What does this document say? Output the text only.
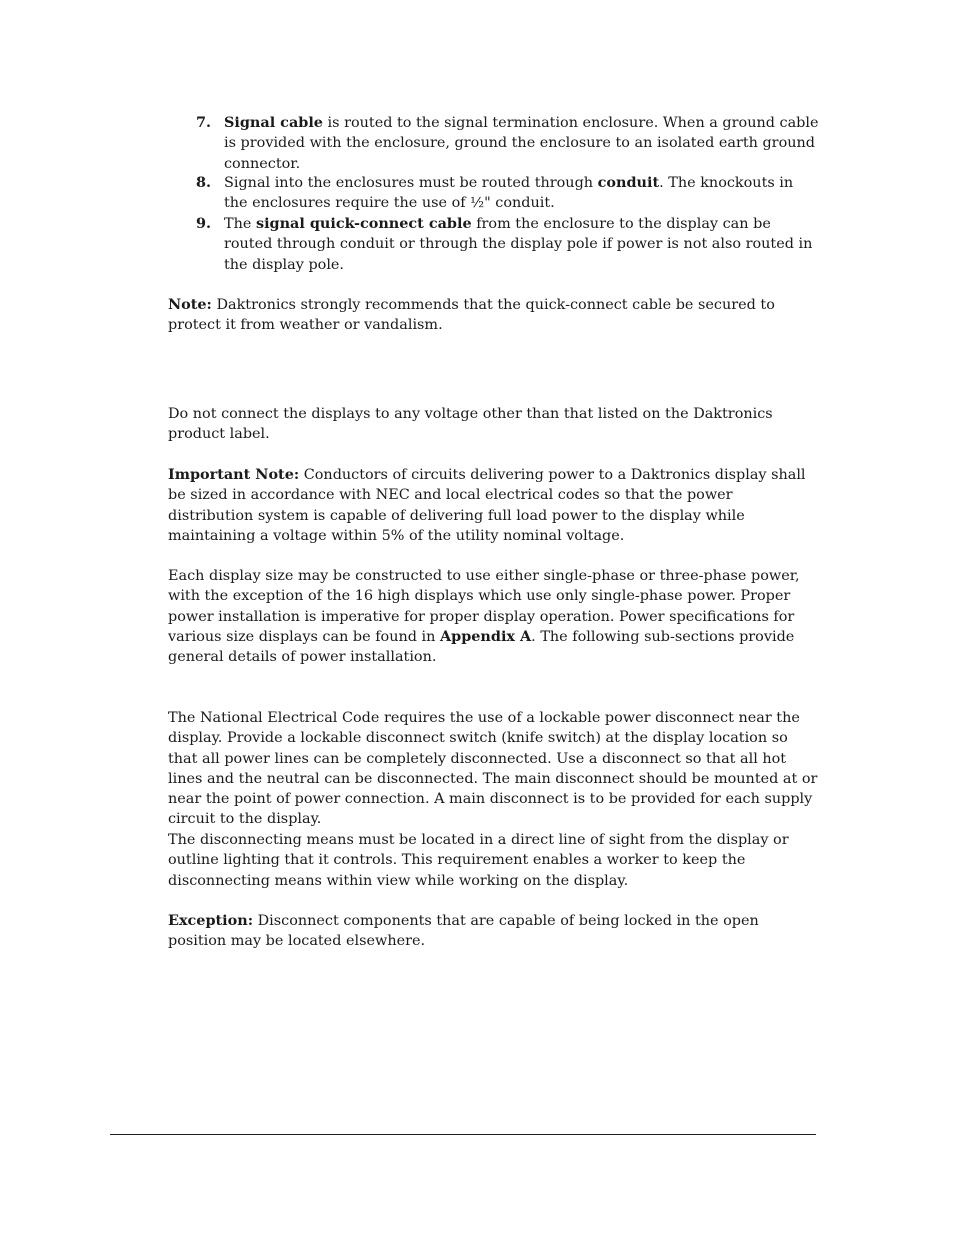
7. Signal cable is routed to the signal termination enclosure. When a ground cable is provided with the enclosure, ground the enclosure to an isolated earth ground connector.
8. Signal into the enclosures must be routed through conduit. The knockouts in the enclosures require the use of ½" conduit.
9. The signal quick-connect cable from the enclosure to the display can be routed through conduit or through the display pole if power is not also routed in the display pole.

Note: Daktronics strongly recommends that the quick-connect cable be secured to protect it from weather or vandalism.

Do not connect the displays to any voltage other than that listed on the Daktronics product label.

Important Note: Conductors of circuits delivering power to a Daktronics display shall be sized in accordance with NEC and local electrical codes so that the power distribution system is capable of delivering full load power to the display while maintaining a voltage within 5% of the utility nominal voltage.

Each display size may be constructed to use either single-phase or three-phase power, with the exception of the 16 high displays which use only single-phase power. Proper power installation is imperative for proper display operation. Power specifications for various size displays can be found in Appendix A. The following sub-sections provide general details of power installation.

The National Electrical Code requires the use of a lockable power disconnect near the display. Provide a lockable disconnect switch (knife switch) at the display location so that all power lines can be completely disconnected. Use a disconnect so that all hot lines and the neutral can be disconnected. The main disconnect should be mounted at or near the point of power connection. A main disconnect is to be provided for each supply circuit to the display.

The disconnecting means must be located in a direct line of sight from the display or outline lighting that it controls. This requirement enables a worker to keep the disconnecting means within view while working on the display.

Exception: Disconnect components that are capable of being locked in the open position may be located elsewhere.
